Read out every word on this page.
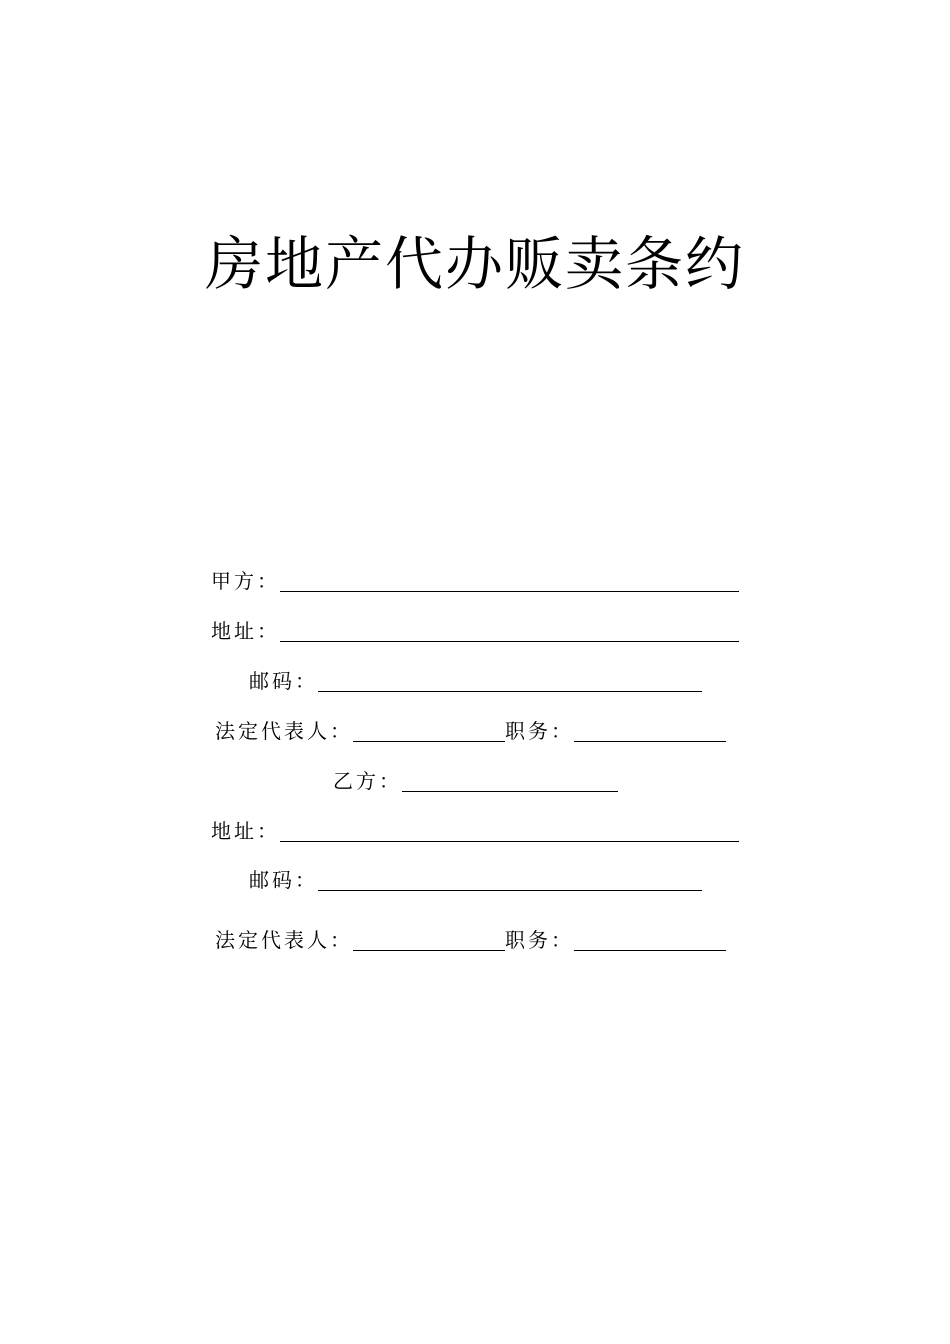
房地产代办贩卖条约
甲方：
地址：
邮码：
法定代表人：	职务：
乙方：
地址：
邮码：
法定代表人：	职务：
